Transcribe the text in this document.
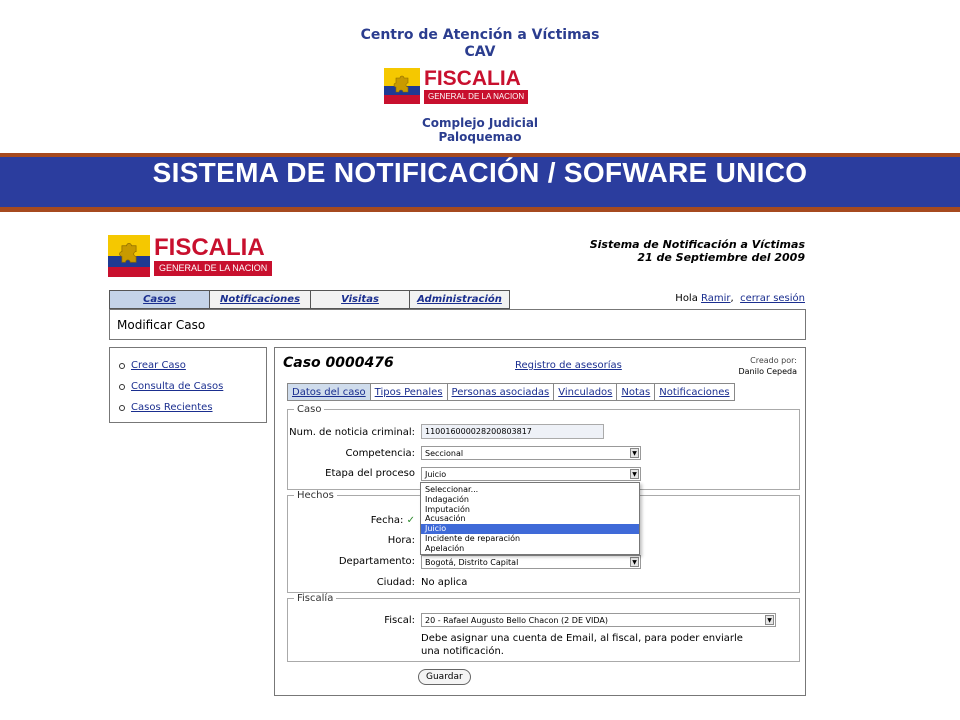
Centro de Atención a Víctimas
CAV
FISCALIA
GENERAL DE LA NACION
Complejo Judicial
Paloquemao
SISTEMA DE NOTIFICACIÓN / SOFWARE UNICO
FISCALIA
GENERAL DE LA NACION
Sistema de Notificación a Víctimas
21 de Septiembre del 2009
Casos	Notificaciones	Visitas	Administración	Hola Ramir,  cerrar sesión
Modificar Caso
Crear Caso
Consulta de Casos
Casos Recientes
Caso 0000476	Registro de asesorías	Creado por:
Danilo Cepeda
Datos del caso Tipos Penales Personas asociadas Vinculados Notas Notificaciones
Caso
Num. de noticia criminal:	110016000028200803817
Competencia:	Seccional	▼
Etapa del proceso	Juicio	▼
Seleccionar...
Indagación
Imputación
Acusación
Juicio
Incidente de reparación
Apelación
Hechos
Fecha: ✓
Hora:
Departamento:	Bogotá, Distrito Capital	▼
Ciudad: No aplica
Fiscalía
Fiscal:	20 - Rafael Augusto Bello Chacon (2 DE VIDA)	▼
Debe asignar una cuenta de Email, al fiscal, para poder enviarle una notificación.
Guardar
